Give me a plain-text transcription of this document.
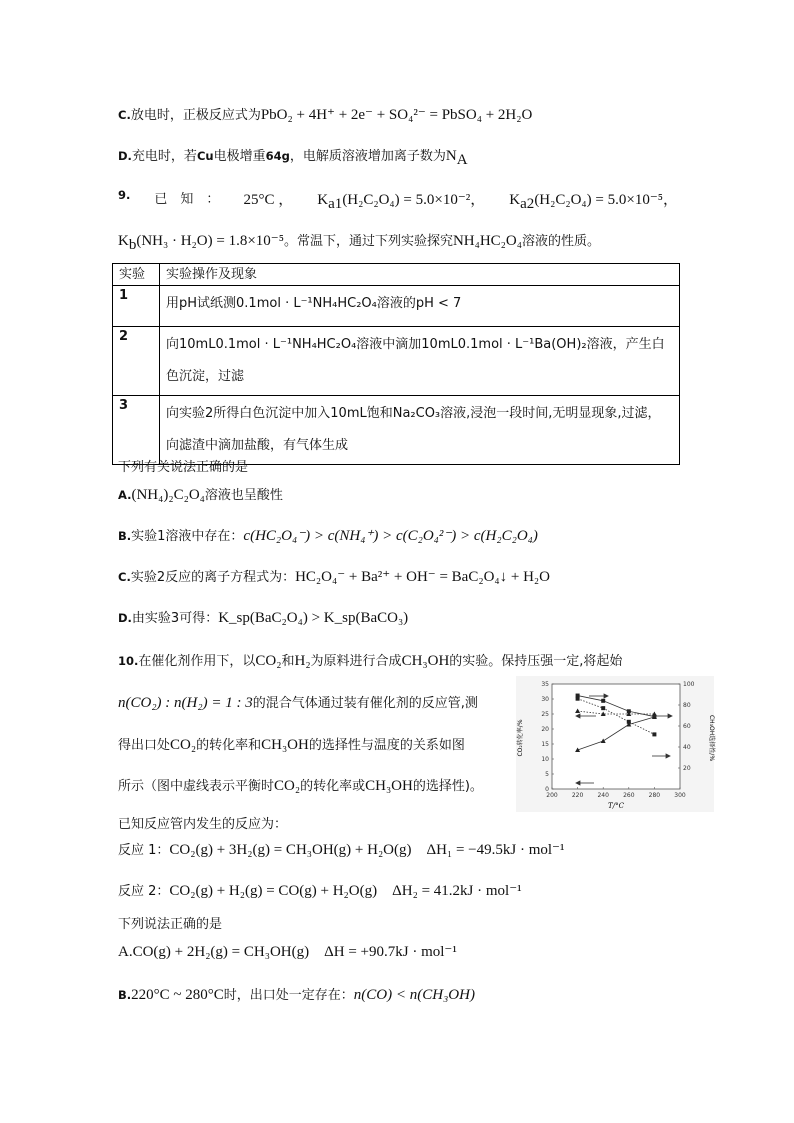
C.放电时，正极反应式为PbO₂ + 4H⁺ + 2e⁻ + SO₄²⁻ = PbSO₄ + 2H₂O
D.充电时，若Cu电极增重64g，电解质溶液增加离子数为$N_A$
9. 已　知　： 25°C ， $K_{a1}(H_2C_2O_4) = 5.0\times 10^{-2}$， $K_{a2}(H_2C_2O_4) = 5.0\times 10^{-5}$，
$K_b(NH_3 \cdot H_2O) = 1.8\times 10^{-5}$。常温下，通过下列实验探究NH₄HC₂O₄溶液的性质。
实验	实验操作及现象
1	用pH试纸测0.1mol · L⁻¹NH₄HC₂O₄溶液的pH < 7
2	向10mL0.1mol · L⁻¹NH₄HC₂O₄溶液中滴加10mL0.1mol · L⁻¹Ba(OH)₂溶液，产生白色沉淀，过滤
3	向实验2所得白色沉淀中加入10mL饱和Na₂CO₃溶液,浸泡一段时间,无明显现象,过滤，向滤渣中滴加盐酸，有气体生成
下列有关说法正确的是
A.(NH₄)₂C₂O₄溶液也呈酸性
B.实验1溶液中存在：c(HC₂O₄⁻) > c(NH₄⁺) > c(C₂O₄²⁻) > c(H₂C₂O₄)
C.实验2反应的离子方程式为：HC₂O₄⁻ + Ba²⁺ + OH⁻ = BaC₂O₄↓ + H₂O
D.由实验3可得：K_sp(BaC₂O₄) > K_sp(BaCO₃)
10.在催化剂作用下，以CO₂和H₂为原料进行合成CH₃OH的实验。保持压强一定,将起始
n(CO₂) : n(H₂) = 1 : 3的混合气体通过装有催化剂的反应管,测
得出口处CO₂的转化率和CH₃OH的选择性与温度的关系如图
所示（图中虚线表示平衡时CO₂的转化率或CH₃OH的选择性)。
200 220 240 260 280 300
0
5
10
15
20
25
30
35
20
40
60
80
100
CO₂转化率/%	CH₃OH选择性/%
T/°C
已知反应管内发生的反应为：
反应 1：CO₂(g) + 3H₂(g) = CH₃OH(g) + H₂O(g)　ΔH₁ = −49.5kJ · mol⁻¹
反应 2：CO₂(g) + H₂(g) = CO(g) + H₂O(g)　ΔH₂ = 41.2kJ · mol⁻¹
下列说法正确的是
A.CO(g) + 2H₂(g) = CH₃OH(g)　ΔH = +90.7kJ · mol⁻¹
B.220°C ~ 280°C时，出口处一定存在：n(CO) < n(CH₃OH)
